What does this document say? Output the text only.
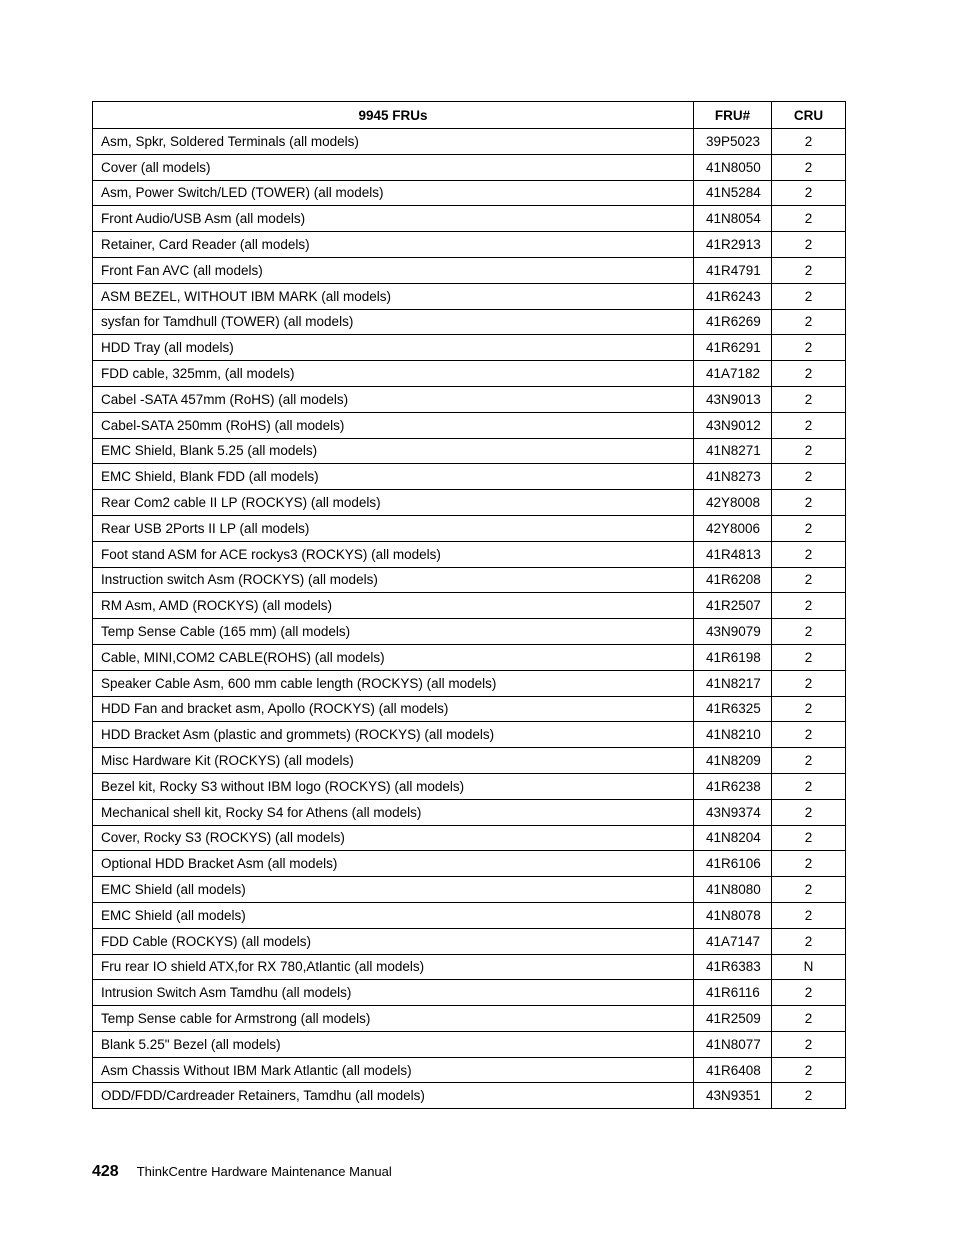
9945 FRUs	FRU#	CRU
Asm, Spkr, Soldered Terminals (all models)	39P5023	2
Cover (all models)	41N8050	2
Asm, Power Switch/LED (TOWER) (all models)	41N5284	2
Front Audio/USB Asm (all models)	41N8054	2
Retainer, Card Reader (all models)	41R2913	2
Front Fan AVC (all models)	41R4791	2
ASM BEZEL, WITHOUT IBM MARK (all models)	41R6243	2
sysfan for Tamdhull (TOWER) (all models)	41R6269	2
HDD Tray (all models)	41R6291	2
FDD cable, 325mm, (all models)	41A7182	2
Cabel -SATA 457mm (RoHS) (all models)	43N9013	2
Cabel-SATA 250mm (RoHS) (all models)	43N9012	2
EMC Shield, Blank 5.25 (all models)	41N8271	2
EMC Shield, Blank FDD (all models)	41N8273	2
Rear Com2 cable II LP (ROCKYS) (all models)	42Y8008	2
Rear USB 2Ports II LP (all models)	42Y8006	2
Foot stand ASM for ACE rockys3 (ROCKYS) (all models)	41R4813	2
Instruction switch Asm (ROCKYS) (all models)	41R6208	2
RM Asm, AMD (ROCKYS) (all models)	41R2507	2
Temp Sense Cable (165 mm) (all models)	43N9079	2
Cable, MINI,COM2 CABLE(ROHS) (all models)	41R6198	2
Speaker Cable Asm, 600 mm cable length (ROCKYS) (all models)	41N8217	2
HDD Fan and bracket asm, Apollo (ROCKYS) (all models)	41R6325	2
HDD Bracket Asm (plastic and grommets) (ROCKYS) (all models)	41N8210	2
Misc Hardware Kit (ROCKYS) (all models)	41N8209	2
Bezel kit, Rocky S3 without IBM logo (ROCKYS) (all models)	41R6238	2
Mechanical shell kit, Rocky S4 for Athens (all models)	43N9374	2
Cover, Rocky S3 (ROCKYS) (all models)	41N8204	2
Optional HDD Bracket Asm (all models)	41R6106	2
EMC Shield (all models)	41N8080	2
EMC Shield (all models)	41N8078	2
FDD Cable (ROCKYS) (all models)	41A7147	2
Fru rear IO shield ATX,for RX 780,Atlantic (all models)	41R6383	N
Intrusion Switch Asm Tamdhu (all models)	41R6116	2
Temp Sense cable for Armstrong (all models)	41R2509	2
Blank 5.25" Bezel (all models)	41N8077	2
Asm Chassis Without IBM Mark Atlantic (all models)	41R6408	2
ODD/FDD/Cardreader Retainers, Tamdhu (all models)	43N9351	2
428 ThinkCentre Hardware Maintenance Manual
